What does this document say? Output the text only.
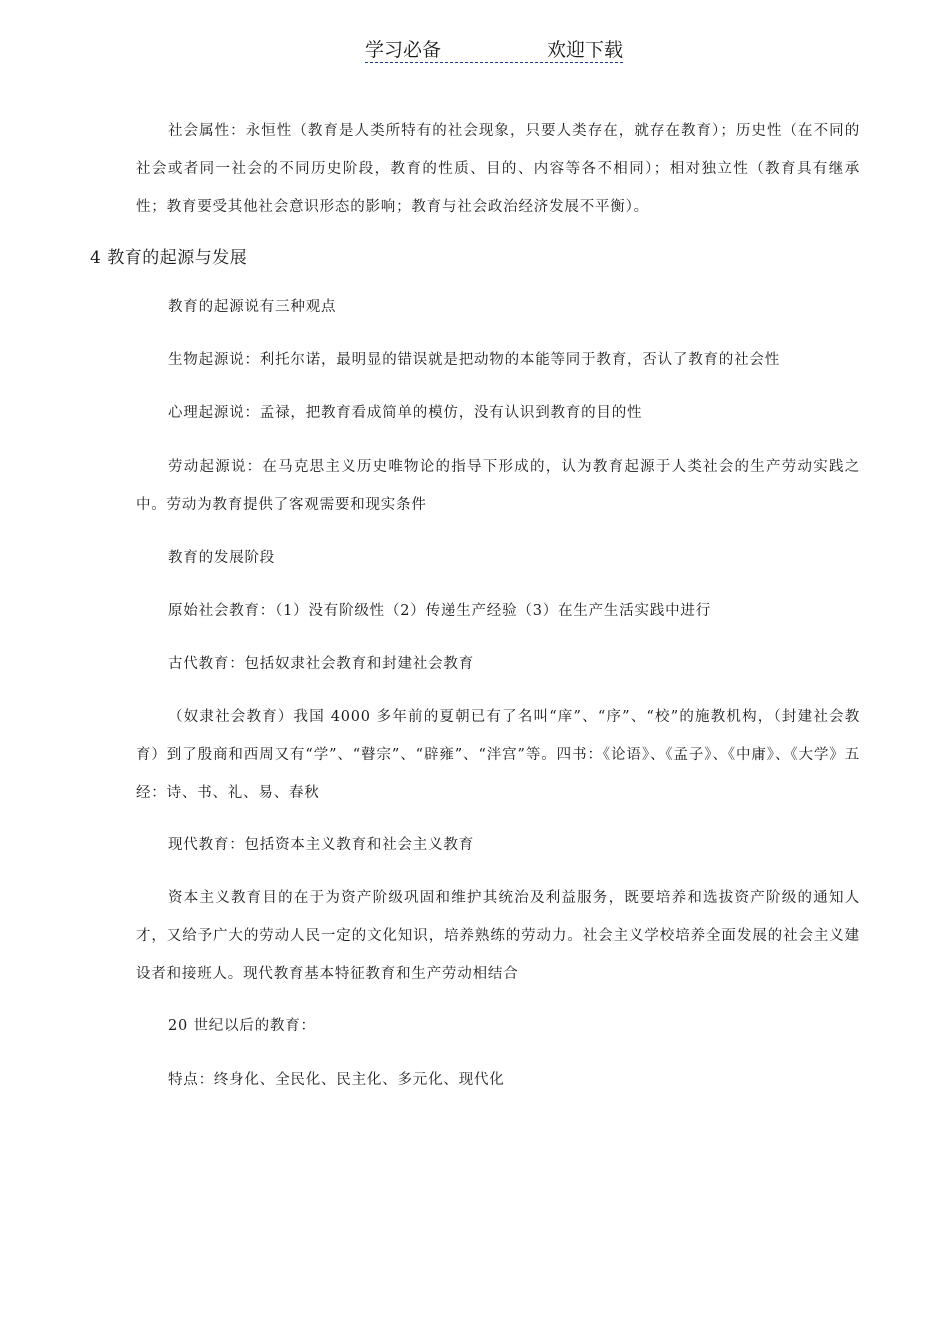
学习必备	欢迎下载

社会属性：永恒性（教育是人类所特有的社会现象，只要人类存在，就存在教育）；历史性（在不同的社会或者同一社会的不同历史阶段，教育的性质、目的、内容等各不相同）；相对独立性（教育具有继承性；教育要受其他社会意识形态的影响；教育与社会政治经济发展不平衡）。

4 教育的起源与发展

教育的起源说有三种观点

生物起源说：利托尔诺，最明显的错误就是把动物的本能等同于教育，否认了教育的社会性

心理起源说：孟禄，把教育看成简单的模仿，没有认识到教育的目的性

劳动起源说：在马克思主义历史唯物论的指导下形成的，认为教育起源于人类社会的生产劳动实践之中。劳动为教育提供了客观需要和现实条件

教育的发展阶段

原始社会教育：（1）没有阶级性（2）传递生产经验（3）在生产生活实践中进行

古代教育：包括奴隶社会教育和封建社会教育

（奴隶社会教育）我国 4000 多年前的夏朝已有了名叫“庠”、“序”、“校”的施教机构，（封建社会教育）到了殷商和西周又有“学”、“瞽宗”、“辟雍”、“泮宫”等。四书：《论语》、《孟子》、《中庸》、《大学》五经：诗、书、礼、易、春秋

现代教育：包括资本主义教育和社会主义教育

资本主义教育目的在于为资产阶级巩固和维护其统治及利益服务，既要培养和选拔资产阶级的通知人才，又给予广大的劳动人民一定的文化知识，培养熟练的劳动力。社会主义学校培养全面发展的社会主义建设者和接班人。现代教育基本特征教育和生产劳动相结合

20 世纪以后的教育：

特点：终身化、全民化、民主化、多元化、现代化
